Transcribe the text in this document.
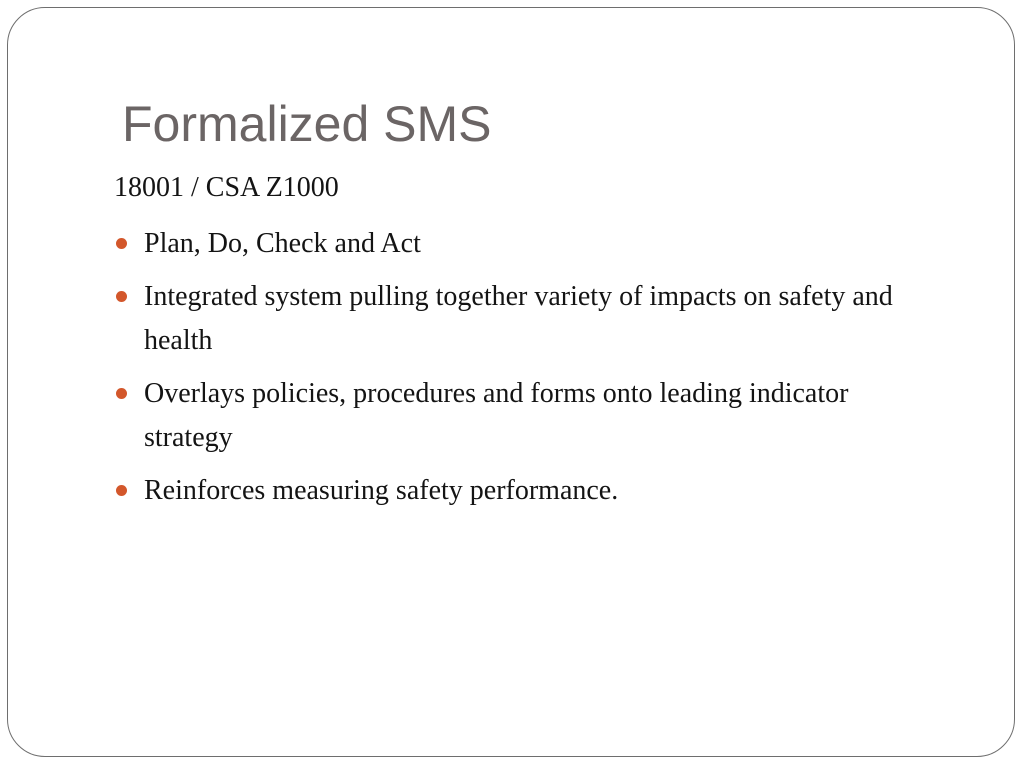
Formalized SMS

18001 / CSA Z1000

Plan, Do, Check and Act
Integrated system pulling together variety of impacts on safety and health
Overlays policies, procedures and forms onto leading indicator strategy
Reinforces measuring safety performance.
